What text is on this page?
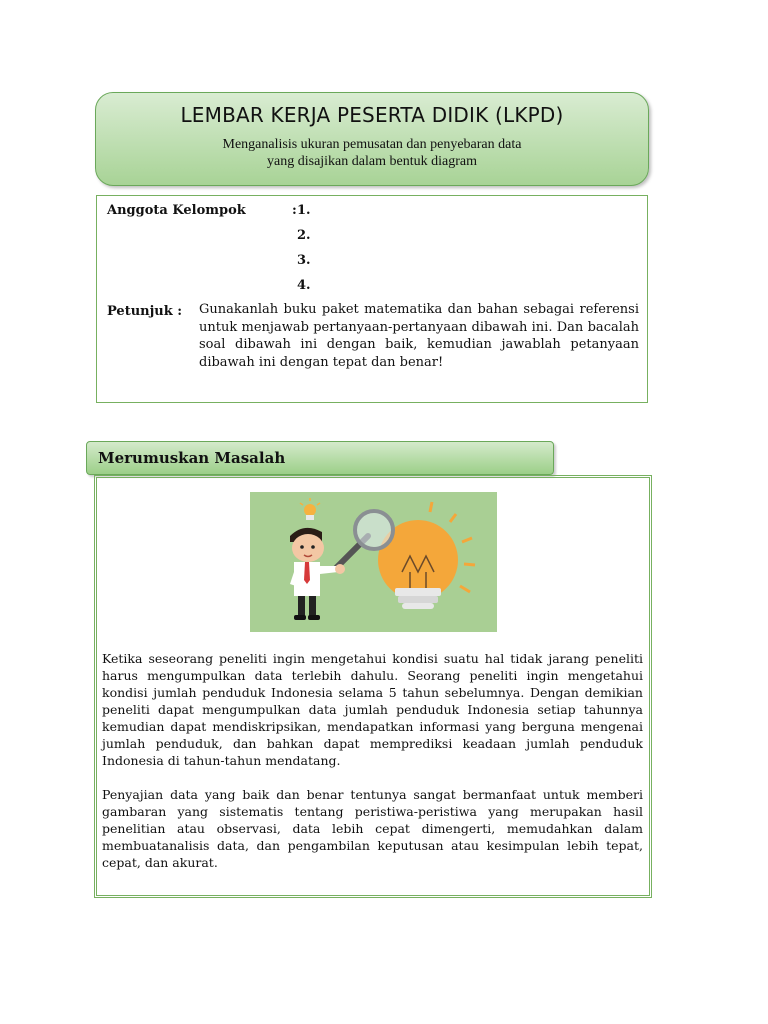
LEMBAR KERJA PESERTA DIDIK (LKPD)
Menganalisis ukuran pemusatan dan penyebaran data
yang disajikan dalam bentuk diagram
Anggota Kelompok	: 1.
2.
3.
4.
Petunjuk : Gunakanlah buku paket matematika dan bahan sebagai referensi untuk menjawab pertanyaan-pertanyaan dibawah ini. Dan bacalah soal dibawah ini dengan baik, kemudian jawablah petanyaan dibawah ini dengan tepat dan benar!
Merumuskan Masalah
Ketika seseorang peneliti ingin mengetahui kondisi suatu hal tidak jarang peneliti harus mengumpulkan data terlebih dahulu. Seorang peneliti ingin mengetahui kondisi jumlah penduduk Indonesia selama 5 tahun sebelumnya. Dengan demikian peneliti dapat mengumpulkan data jumlah penduduk Indonesia setiap tahunnya kemudian dapat mendiskripsikan, mendapatkan informasi yang berguna mengenai jumlah penduduk, dan bahkan dapat memprediksi keadaan jumlah penduduk Indonesia di tahun-tahun mendatang.
Penyajian data yang baik dan benar tentunya sangat bermanfaat untuk memberi gambaran yang sistematis tentang peristiwa-peristiwa yang merupakan hasil penelitian atau observasi, data lebih cepat dimengerti, memudahkan dalam membuatanalisis data, dan pengambilan keputusan atau kesimpulan lebih tepat, cepat, dan akurat.
